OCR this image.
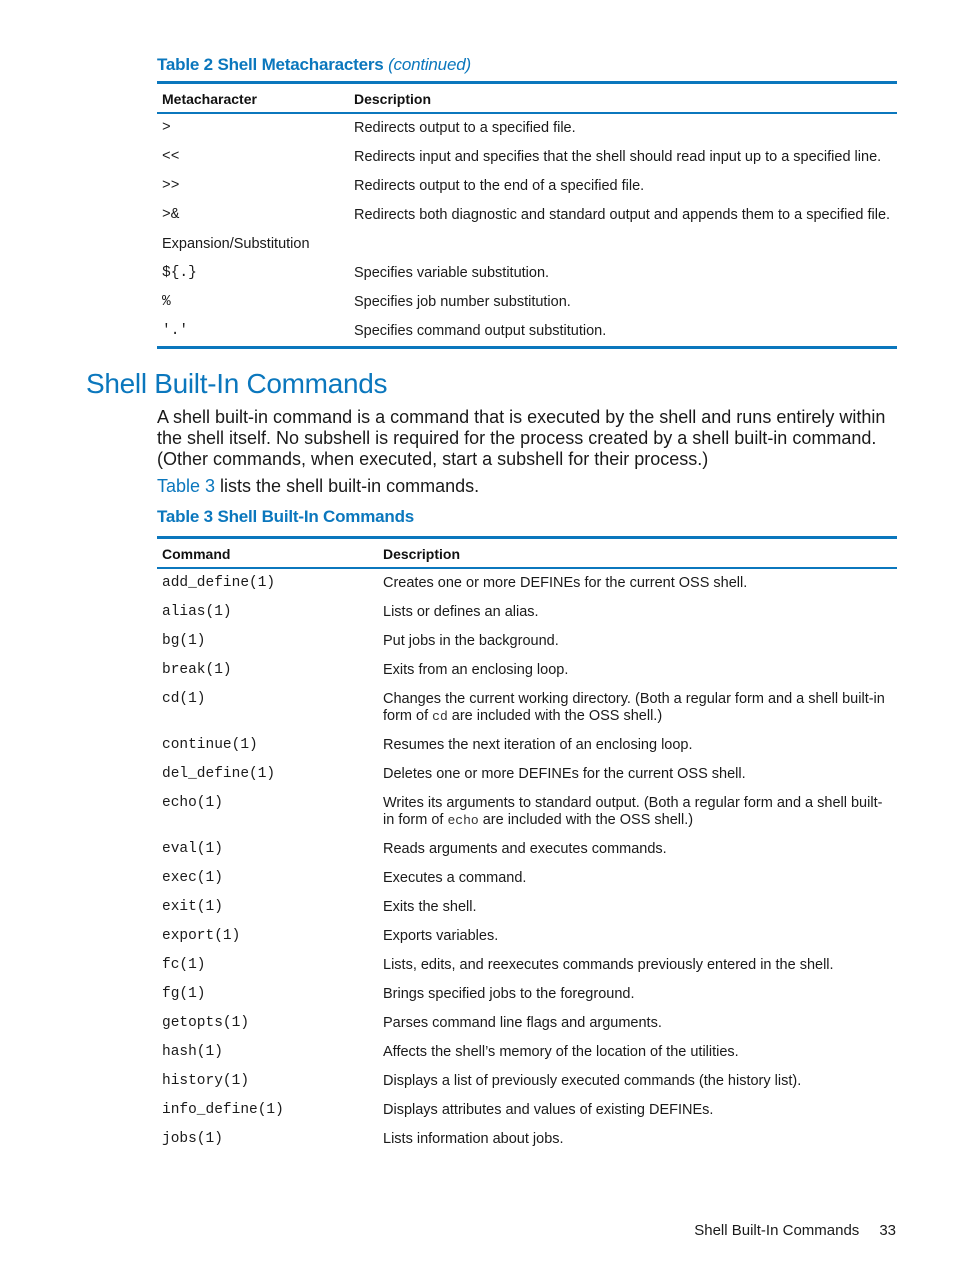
Table 2 Shell Metacharacters (continued)
Metacharacter	Description
>	Redirects output to a specified file.
<<	Redirects input and specifies that the shell should read input up to a specified line.
>>	Redirects output to the end of a specified file.
>&	Redirects both diagnostic and standard output and appends them to a specified file.
Expansion/Substitution	
${.}	Specifies variable substitution.
%	Specifies job number substitution.
'.'	Specifies command output substitution.
Shell Built-In Commands
A shell built-in command is a command that is executed by the shell and runs entirely within the shell itself. No subshell is required for the process created by a shell built-in command. (Other commands, when executed, start a subshell for their process.)
Table 3 lists the shell built-in commands.
Table 3 Shell Built-In Commands
Command	Description
add_define(1)	Creates one or more DEFINEs for the current OSS shell.
alias(1)	Lists or defines an alias.
bg(1)	Put jobs in the background.
break(1)	Exits from an enclosing loop.
cd(1)	Changes the current working directory. (Both a regular form and a shell built-in form of cd are included with the OSS shell.)
continue(1)	Resumes the next iteration of an enclosing loop.
del_define(1)	Deletes one or more DEFINEs for the current OSS shell.
echo(1)	Writes its arguments to standard output. (Both a regular form and a shell built-in form of echo are included with the OSS shell.)
eval(1)	Reads arguments and executes commands.
exec(1)	Executes a command.
exit(1)	Exits the shell.
export(1)	Exports variables.
fc(1)	Lists, edits, and reexecutes commands previously entered in the shell.
fg(1)	Brings specified jobs to the foreground.
getopts(1)	Parses command line flags and arguments.
hash(1)	Affects the shell’s memory of the location of the utilities.
history(1)	Displays a list of previously executed commands (the history list).
info_define(1)	Displays attributes and values of existing DEFINEs.
jobs(1)	Lists information about jobs.
Shell Built-In Commands 33
